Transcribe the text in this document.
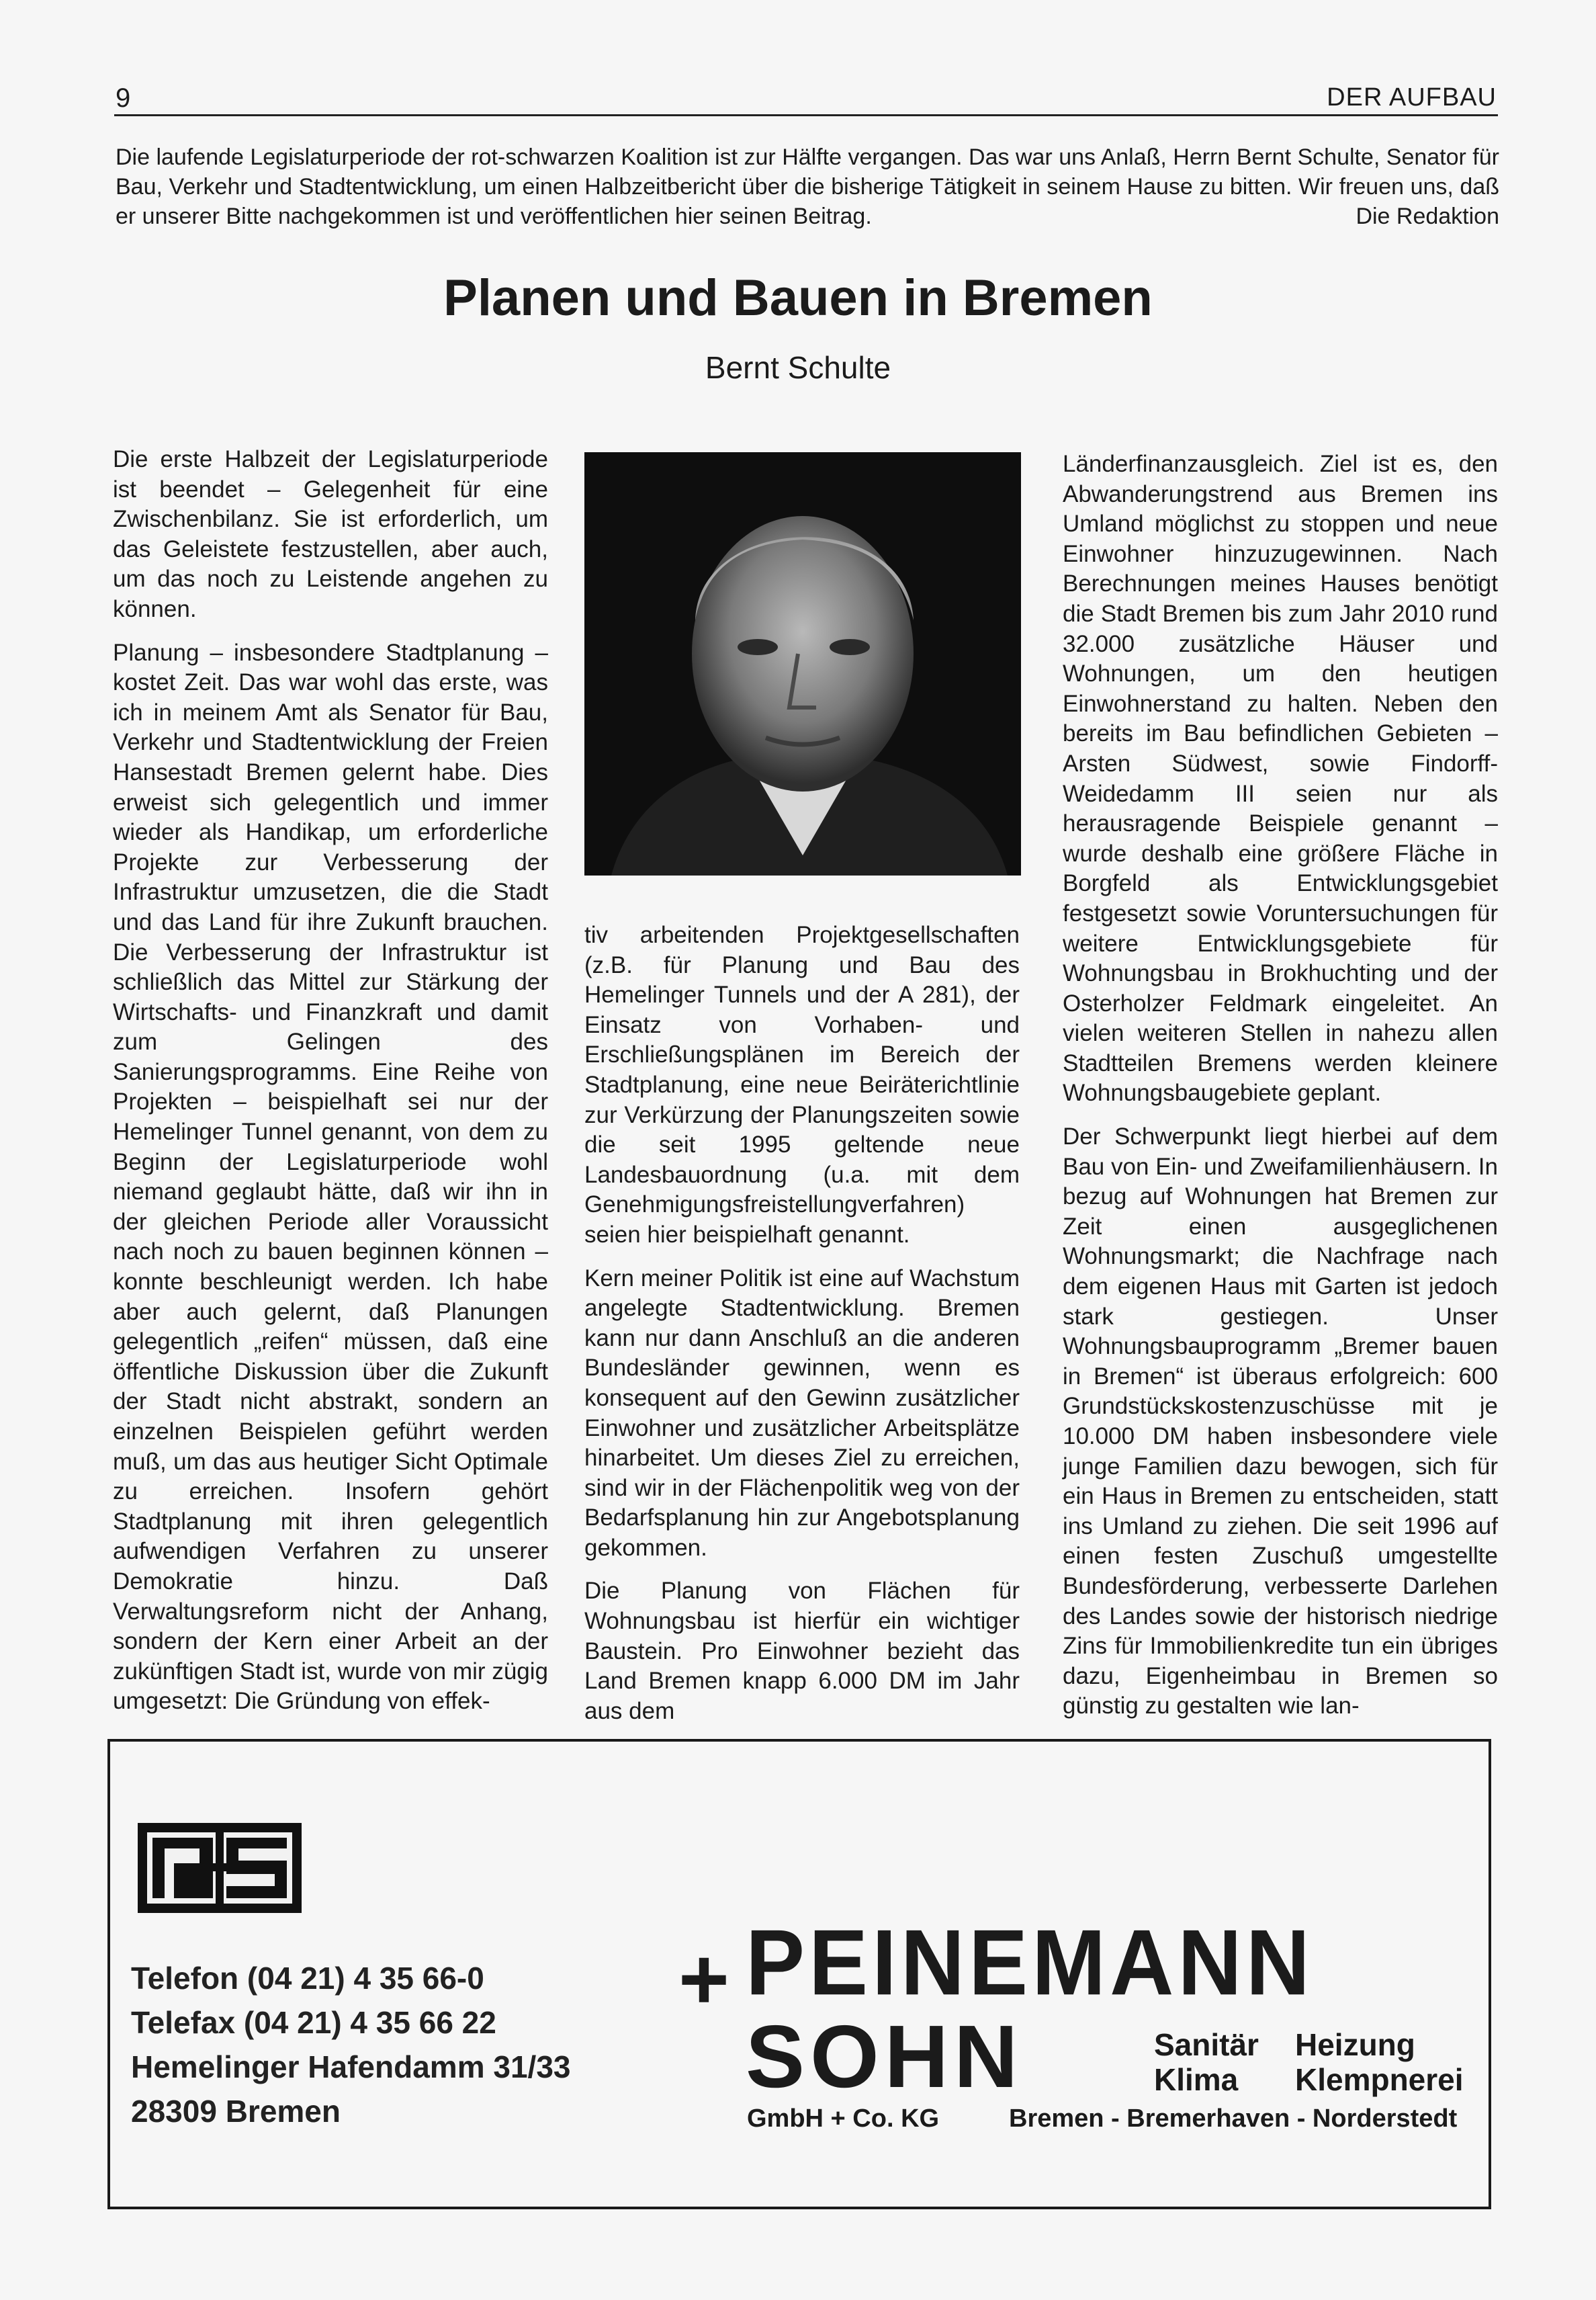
9	DER AUFBAU
Die laufende Legislaturperiode der rot-schwarzen Koalition ist zur Hälfte vergangen. Das war uns Anlaß, Herrn Bernt Schulte, Senator für Bau, Verkehr und Stadtentwicklung, um einen Halbzeitbericht über die bisherige Tätigkeit in seinem Hause zu bitten. Wir freuen uns, daß er unserer Bitte nachgekommen ist und veröffentlichen hier seinen Beitrag.	Die Redaktion
Planen und Bauen in Bremen
Bernt Schulte

Die erste Halbzeit der Legislaturperiode ist beendet – Gelegenheit für eine Zwischenbilanz. Sie ist erforderlich, um das Geleistete festzustellen, aber auch, um das noch zu Leistende angehen zu können.

Planung – insbesondere Stadtplanung – kostet Zeit. Das war wohl das erste, was ich in meinem Amt als Senator für Bau, Verkehr und Stadtentwicklung der Freien Hansestadt Bremen gelernt habe. Dies erweist sich gelegentlich und immer wieder als Handikap, um erforderliche Projekte zur Verbesserung der Infrastruktur umzusetzen, die die Stadt und das Land für ihre Zukunft brauchen. Die Verbesserung der Infrastruktur ist schließlich das Mittel zur Stärkung der Wirtschafts- und Finanzkraft und damit zum Gelingen des Sanierungsprogramms. Eine Reihe von Projekten – beispielhaft sei nur der Hemelinger Tunnel genannt, von dem zu Beginn der Legislaturperiode wohl niemand geglaubt hätte, daß wir ihn in der gleichen Periode aller Voraussicht nach noch zu bauen beginnen können – konnte beschleunigt werden. Ich habe aber auch gelernt, daß Planungen gelegentlich „reifen“ müssen, daß eine öffentliche Diskussion über die Zukunft der Stadt nicht abstrakt, sondern an einzelnen Beispielen geführt werden muß, um das aus heutiger Sicht Optimale zu erreichen. Insofern gehört Stadtplanung mit ihren gelegentlich aufwendigen Verfahren zu unserer Demokratie hinzu. Daß Verwaltungsreform nicht der Anhang, sondern der Kern einer Arbeit an der zukünftigen Stadt ist, wurde von mir zügig umgesetzt: Die Gründung von effek-

tiv arbeitenden Projektgesellschaften (z.B. für Planung und Bau des Hemelinger Tunnels und der A 281), der Einsatz von Vorhaben- und Erschließungsplänen im Bereich der Stadtplanung, eine neue Beiräterichtlinie zur Verkürzung der Planungszeiten sowie die seit 1995 geltende neue Landesbauordnung (u.a. mit dem Genehmigungsfreistellungverfahren) seien hier beispielhaft genannt.

Kern meiner Politik ist eine auf Wachstum angelegte Stadtentwicklung. Bremen kann nur dann Anschluß an die anderen Bundesländer gewinnen, wenn es konsequent auf den Gewinn zusätzlicher Einwohner und zusätzlicher Arbeitsplätze hinarbeitet. Um dieses Ziel zu erreichen, sind wir in der Flächenpolitik weg von der Bedarfsplanung hin zur Angebotsplanung gekommen.

Die Planung von Flächen für Wohnungsbau ist hierfür ein wichtiger Baustein. Pro Einwohner bezieht das Land Bremen knapp 6.000 DM im Jahr aus dem

Länderfinanzausgleich. Ziel ist es, den Abwanderungstrend aus Bremen ins Umland möglichst zu stoppen und neue Einwohner hinzuzugewinnen. Nach Berechnungen meines Hauses benötigt die Stadt Bremen bis zum Jahr 2010 rund 32.000 zusätzliche Häuser und Wohnungen, um den heutigen Einwohnerstand zu halten. Neben den bereits im Bau befindlichen Gebieten – Arsten Südwest, sowie Findorff-Weidedamm III seien nur als herausragende Beispiele genannt – wurde deshalb eine größere Fläche in Borgfeld als Entwicklungsgebiet festgesetzt sowie Voruntersuchungen für weitere Entwicklungsgebiete für Wohnungsbau in Brokhuchting und der Osterholzer Feldmark eingeleitet. An vielen weiteren Stellen in nahezu allen Stadtteilen Bremens werden kleinere Wohnungsbaugebiete geplant.

Der Schwerpunkt liegt hierbei auf dem Bau von Ein- und Zweifamilienhäusern. In bezug auf Wohnungen hat Bremen zur Zeit einen ausgeglichenen Wohnungsmarkt; die Nachfrage nach dem eigenen Haus mit Garten ist jedoch stark gestiegen. Unser Wohnungsbauprogramm „Bremer bauen in Bremen“ ist überaus erfolgreich: 600 Grundstückskostenzuschüsse mit je 10.000 DM haben insbesondere viele junge Familien dazu bewogen, sich für ein Haus in Bremen zu entscheiden, statt ins Umland zu ziehen. Die seit 1996 auf einen festen Zuschuß umgestellte Bundesförderung, verbesserte Darlehen des Landes sowie der historisch niedrige Zins für Immobilienkredite tun ein übriges dazu, Eigenheimbau in Bremen so günstig zu gestalten wie lan-

Telefon (04 21) 4 35 66-0
Telefax (04 21) 4 35 66 22
Hemelinger Hafendamm 31/33
28309 Bremen
+ PEINEMANN
SOHN	Sanitär Heizung
Klima Klempnerei
GmbH + Co. KG	Bremen - Bremerhaven - Norderstedt
